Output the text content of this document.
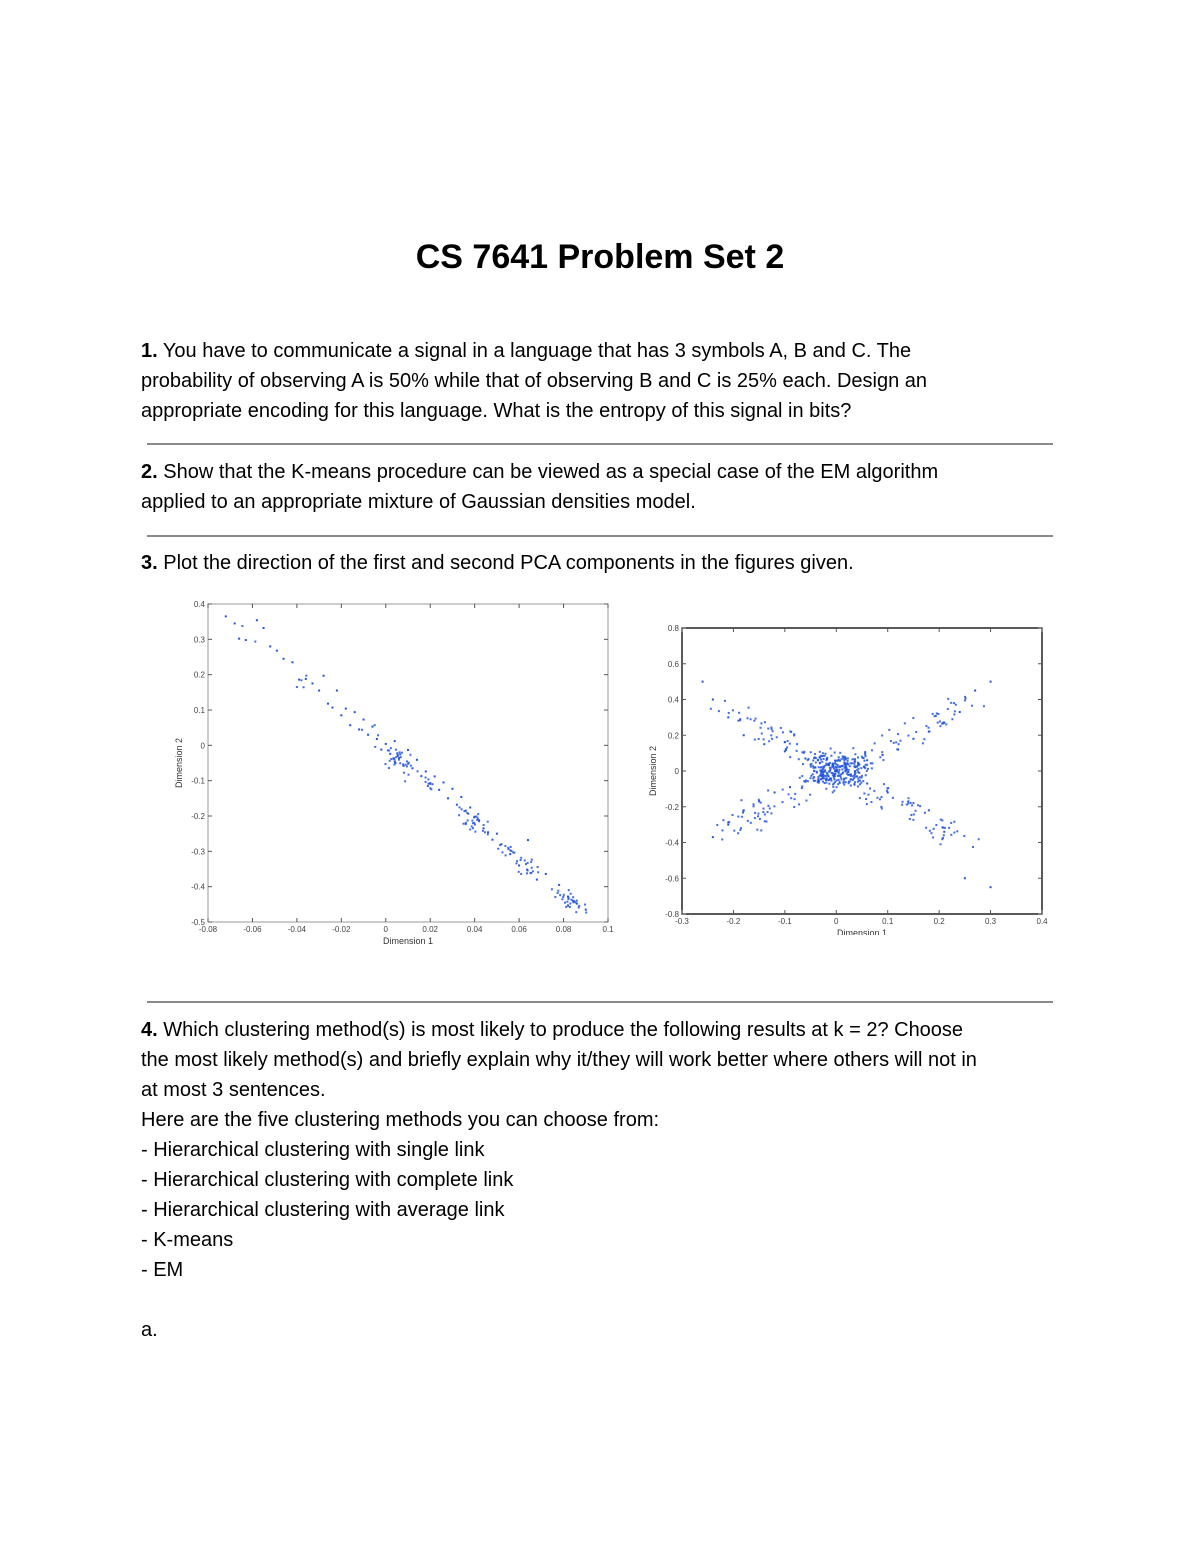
CS 7641 Problem Set 2
1. You have to communicate a signal in a language that has 3 symbols A, B and C. The
probability of observing A is 50% while that of observing B and C is 25% each. Design an
appropriate encoding for this language. What is the entropy of this signal in bits?
2. Show that the K-means procedure can be viewed as a special case of the EM algorithm
applied to an appropriate mixture of Gaussian densities model.
3. Plot the direction of the first and second PCA components in the figures given.
-0.08	-0.06	-0.04	-0.02	0	0.02	0.04	0.06	0.08	0.1
0.4
0.3
0.2
0.1
0
-0.1
-0.2
-0.3
-0.4
-0.5
Dimension 1
Dimension 2
-0.3	-0.2	-0.1	0	0.1	0.2	0.3	0.4
0.8
0.6
0.4
0.2
0
-0.2
-0.4
-0.6
-0.8
Dimension 1
Dimension 2
4. Which clustering method(s) is most likely to produce the following results at k = 2? Choose
the most likely method(s) and briefly explain why it/they will work better where others will not in
at most 3 sentences.
Here are the five clustering methods you can choose from:
- Hierarchical clustering with single link
- Hierarchical clustering with complete link
- Hierarchical clustering with average link
- K-means
- EM
a.
